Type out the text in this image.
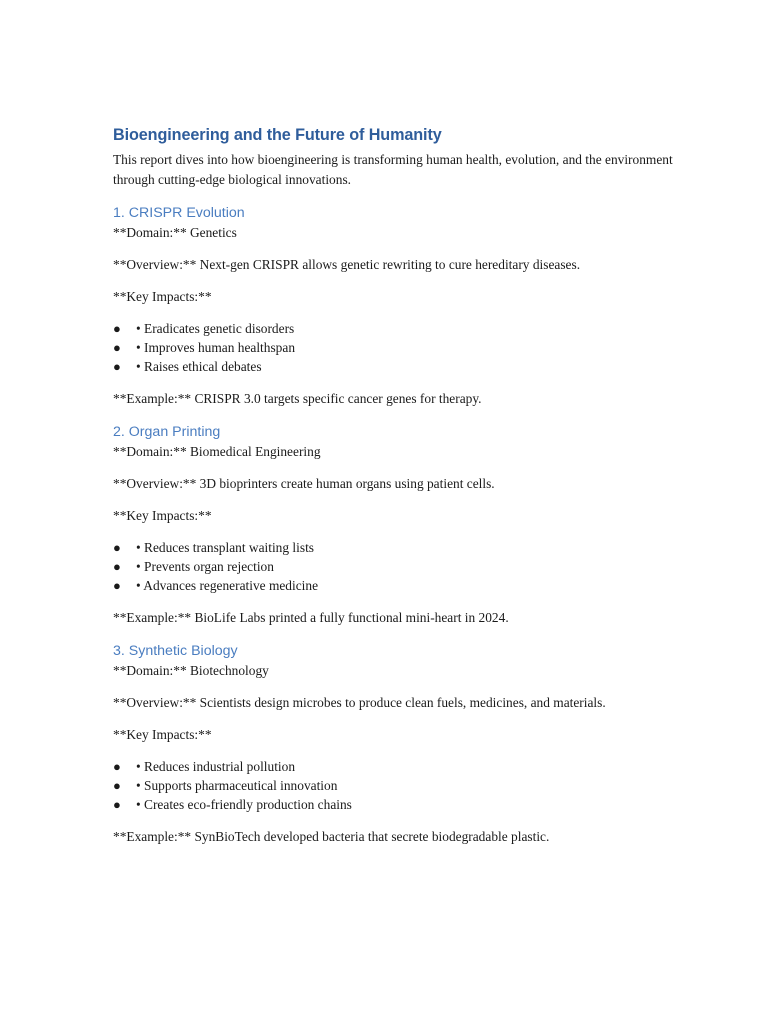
Bioengineering and the Future of Humanity

This report dives into how bioengineering is transforming human health, evolution, and the environment through cutting-edge biological innovations.

1. CRISPR Evolution

**Domain:** Genetics

**Overview:** Next-gen CRISPR allows genetic rewriting to cure hereditary diseases.

**Key Impacts:**

● • Eradicates genetic disorders
● • Improves human healthspan
● • Raises ethical debates

**Example:** CRISPR 3.0 targets specific cancer genes for therapy.

2. Organ Printing

**Domain:** Biomedical Engineering

**Overview:** 3D bioprinters create human organs using patient cells.

**Key Impacts:**

● • Reduces transplant waiting lists
● • Prevents organ rejection
● • Advances regenerative medicine

**Example:** BioLife Labs printed a fully functional mini-heart in 2024.

3. Synthetic Biology

**Domain:** Biotechnology

**Overview:** Scientists design microbes to produce clean fuels, medicines, and materials.

**Key Impacts:**

● • Reduces industrial pollution
● • Supports pharmaceutical innovation
● • Creates eco-friendly production chains

**Example:** SynBioTech developed bacteria that secrete biodegradable plastic.
